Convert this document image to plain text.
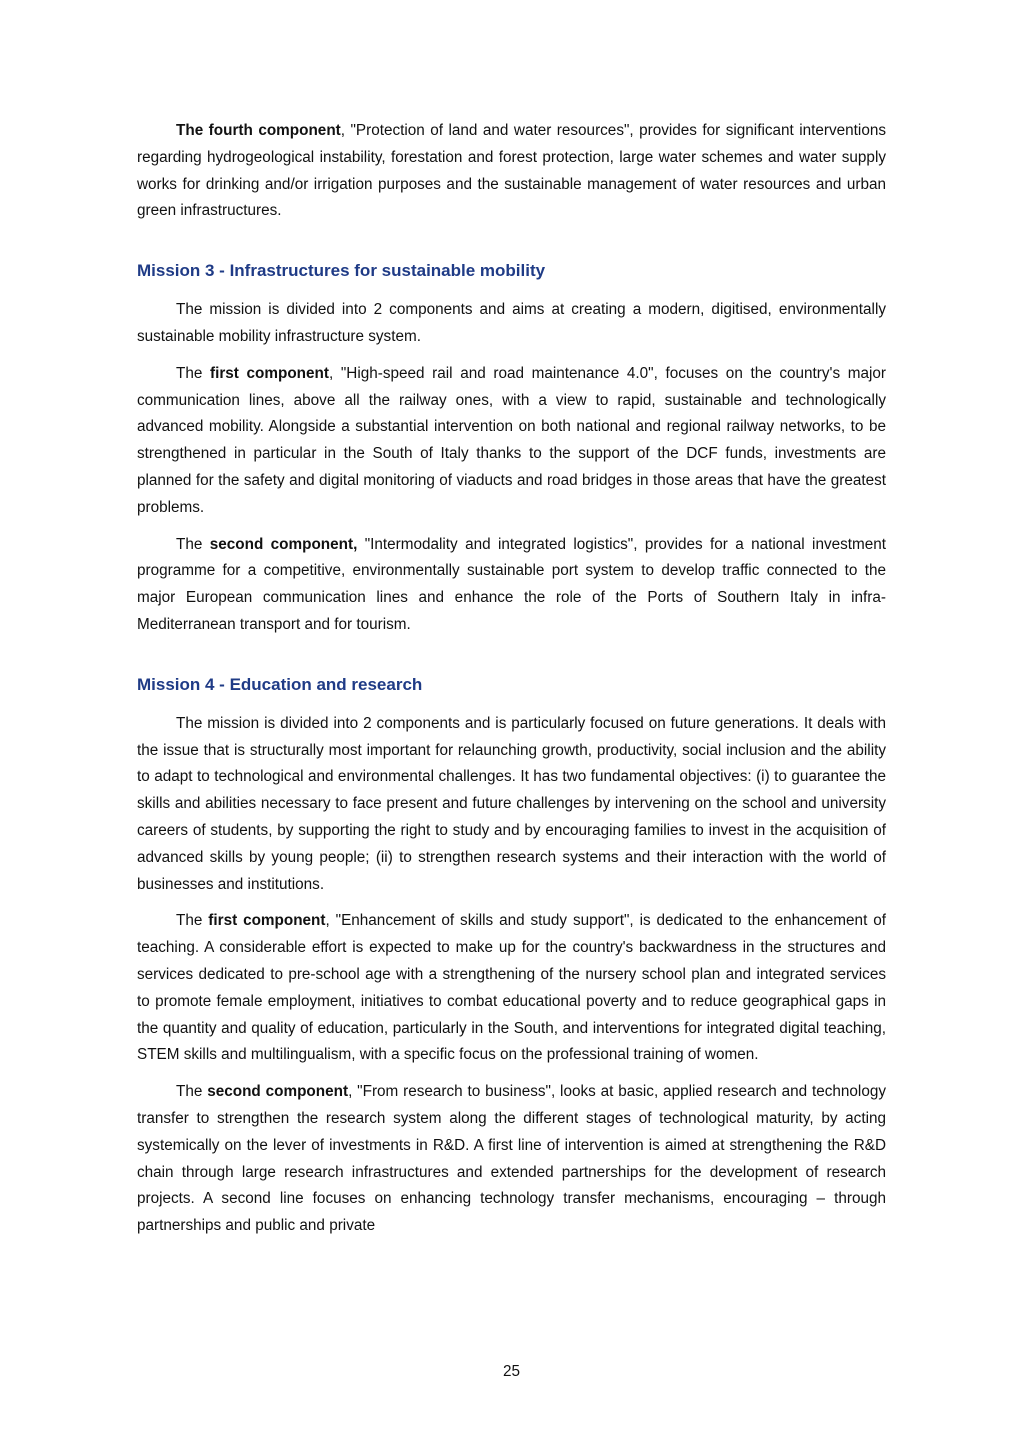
The fourth component, "Protection of land and water resources", provides for significant interventions regarding hydrogeological instability, forestation and forest protection, large water schemes and water supply works for drinking and/or irrigation purposes and the sustainable management of water resources and urban green infrastructures.

Mission 3 - Infrastructures for sustainable mobility

The mission is divided into 2 components and aims at creating a modern, digitised, environmentally sustainable mobility infrastructure system.

The first component, "High-speed rail and road maintenance 4.0", focuses on the country's major communication lines, above all the railway ones, with a view to rapid, sustainable and technologically advanced mobility. Alongside a substantial intervention on both national and regional railway networks, to be strengthened in particular in the South of Italy thanks to the support of the DCF funds, investments are planned for the safety and digital monitoring of viaducts and road bridges in those areas that have the greatest problems.

The second component, "Intermodality and integrated logistics", provides for a national investment programme for a competitive, environmentally sustainable port system to develop traffic connected to the major European communication lines and enhance the role of the Ports of Southern Italy in infra-Mediterranean transport and for tourism.

Mission 4 - Education and research

The mission is divided into 2 components and is particularly focused on future generations. It deals with the issue that is structurally most important for relaunching growth, productivity, social inclusion and the ability to adapt to technological and environmental challenges. It has two fundamental objectives: (i) to guarantee the skills and abilities necessary to face present and future challenges by intervening on the school and university careers of students, by supporting the right to study and by encouraging families to invest in the acquisition of advanced skills by young people; (ii) to strengthen research systems and their interaction with the world of businesses and institutions.

The first component, "Enhancement of skills and study support", is dedicated to the enhancement of teaching. A considerable effort is expected to make up for the country's backwardness in the structures and services dedicated to pre-school age with a strengthening of the nursery school plan and integrated services to promote female employment, initiatives to combat educational poverty and to reduce geographical gaps in the quantity and quality of education, particularly in the South, and interventions for integrated digital teaching, STEM skills and multilingualism, with a specific focus on the professional training of women.

The second component, "From research to business", looks at basic, applied research and technology transfer to strengthen the research system along the different stages of technological maturity, by acting systemically on the lever of investments in R&D. A first line of intervention is aimed at strengthening the R&D chain through large research infrastructures and extended partnerships for the development of research projects. A second line focuses on enhancing technology transfer mechanisms, encouraging – through partnerships and public and private

25
